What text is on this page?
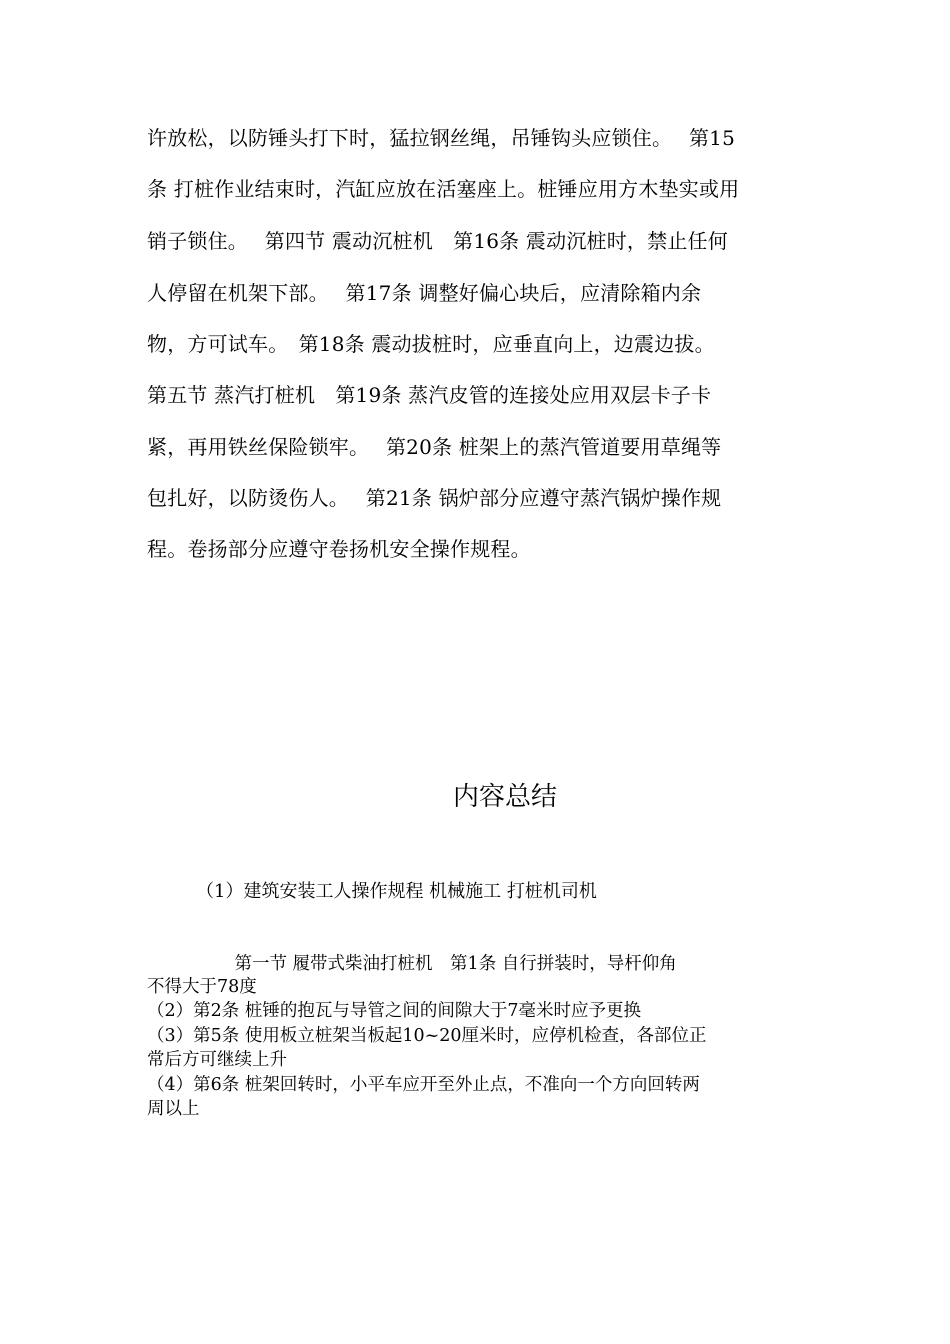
许放松，以防锤头打下时，猛拉钢丝绳，吊锤钩头应锁住。　 第15
条 打桩作业结束时，汽缸应放在活塞座上。桩锤应用方木垫实或用
销子锁住。　 第四节 震动沉桩机　第16条 震动沉桩时，禁止任何
人停留在机架下部。　 第17条 调整好偏心块后，应清除箱内余
物，方可试车。　第18条 震动拔桩时，应垂直向上，边震边拔。
第五节 蒸汽打桩机　第19条 蒸汽皮管的连接处应用双层卡子卡
紧，再用铁丝保险锁牢。　 第20条 桩架上的蒸汽管道要用草绳等
包扎好，以防烫伤人。　 第21条 锅炉部分应遵守蒸汽锅炉操作规
程。卷扬部分应遵守卷扬机安全操作规程。
内容总结
（1）建筑安装工人操作规程 机械施工 打桩机司机
　　　　　第一节 履带式柴油打桩机　第1条 自行拼装时，导杆仰角
不得大于78度
（2）第2条 桩锤的抱瓦与导管之间的间隙大于7毫米时应予更换
（3）第5条 使用板立桩架当板起10~20厘米时，应停机检查，各部位正
常后方可继续上升
（4）第6条 桩架回转时，小平车应开至外止点，不准向一个方向回转两
周以上
